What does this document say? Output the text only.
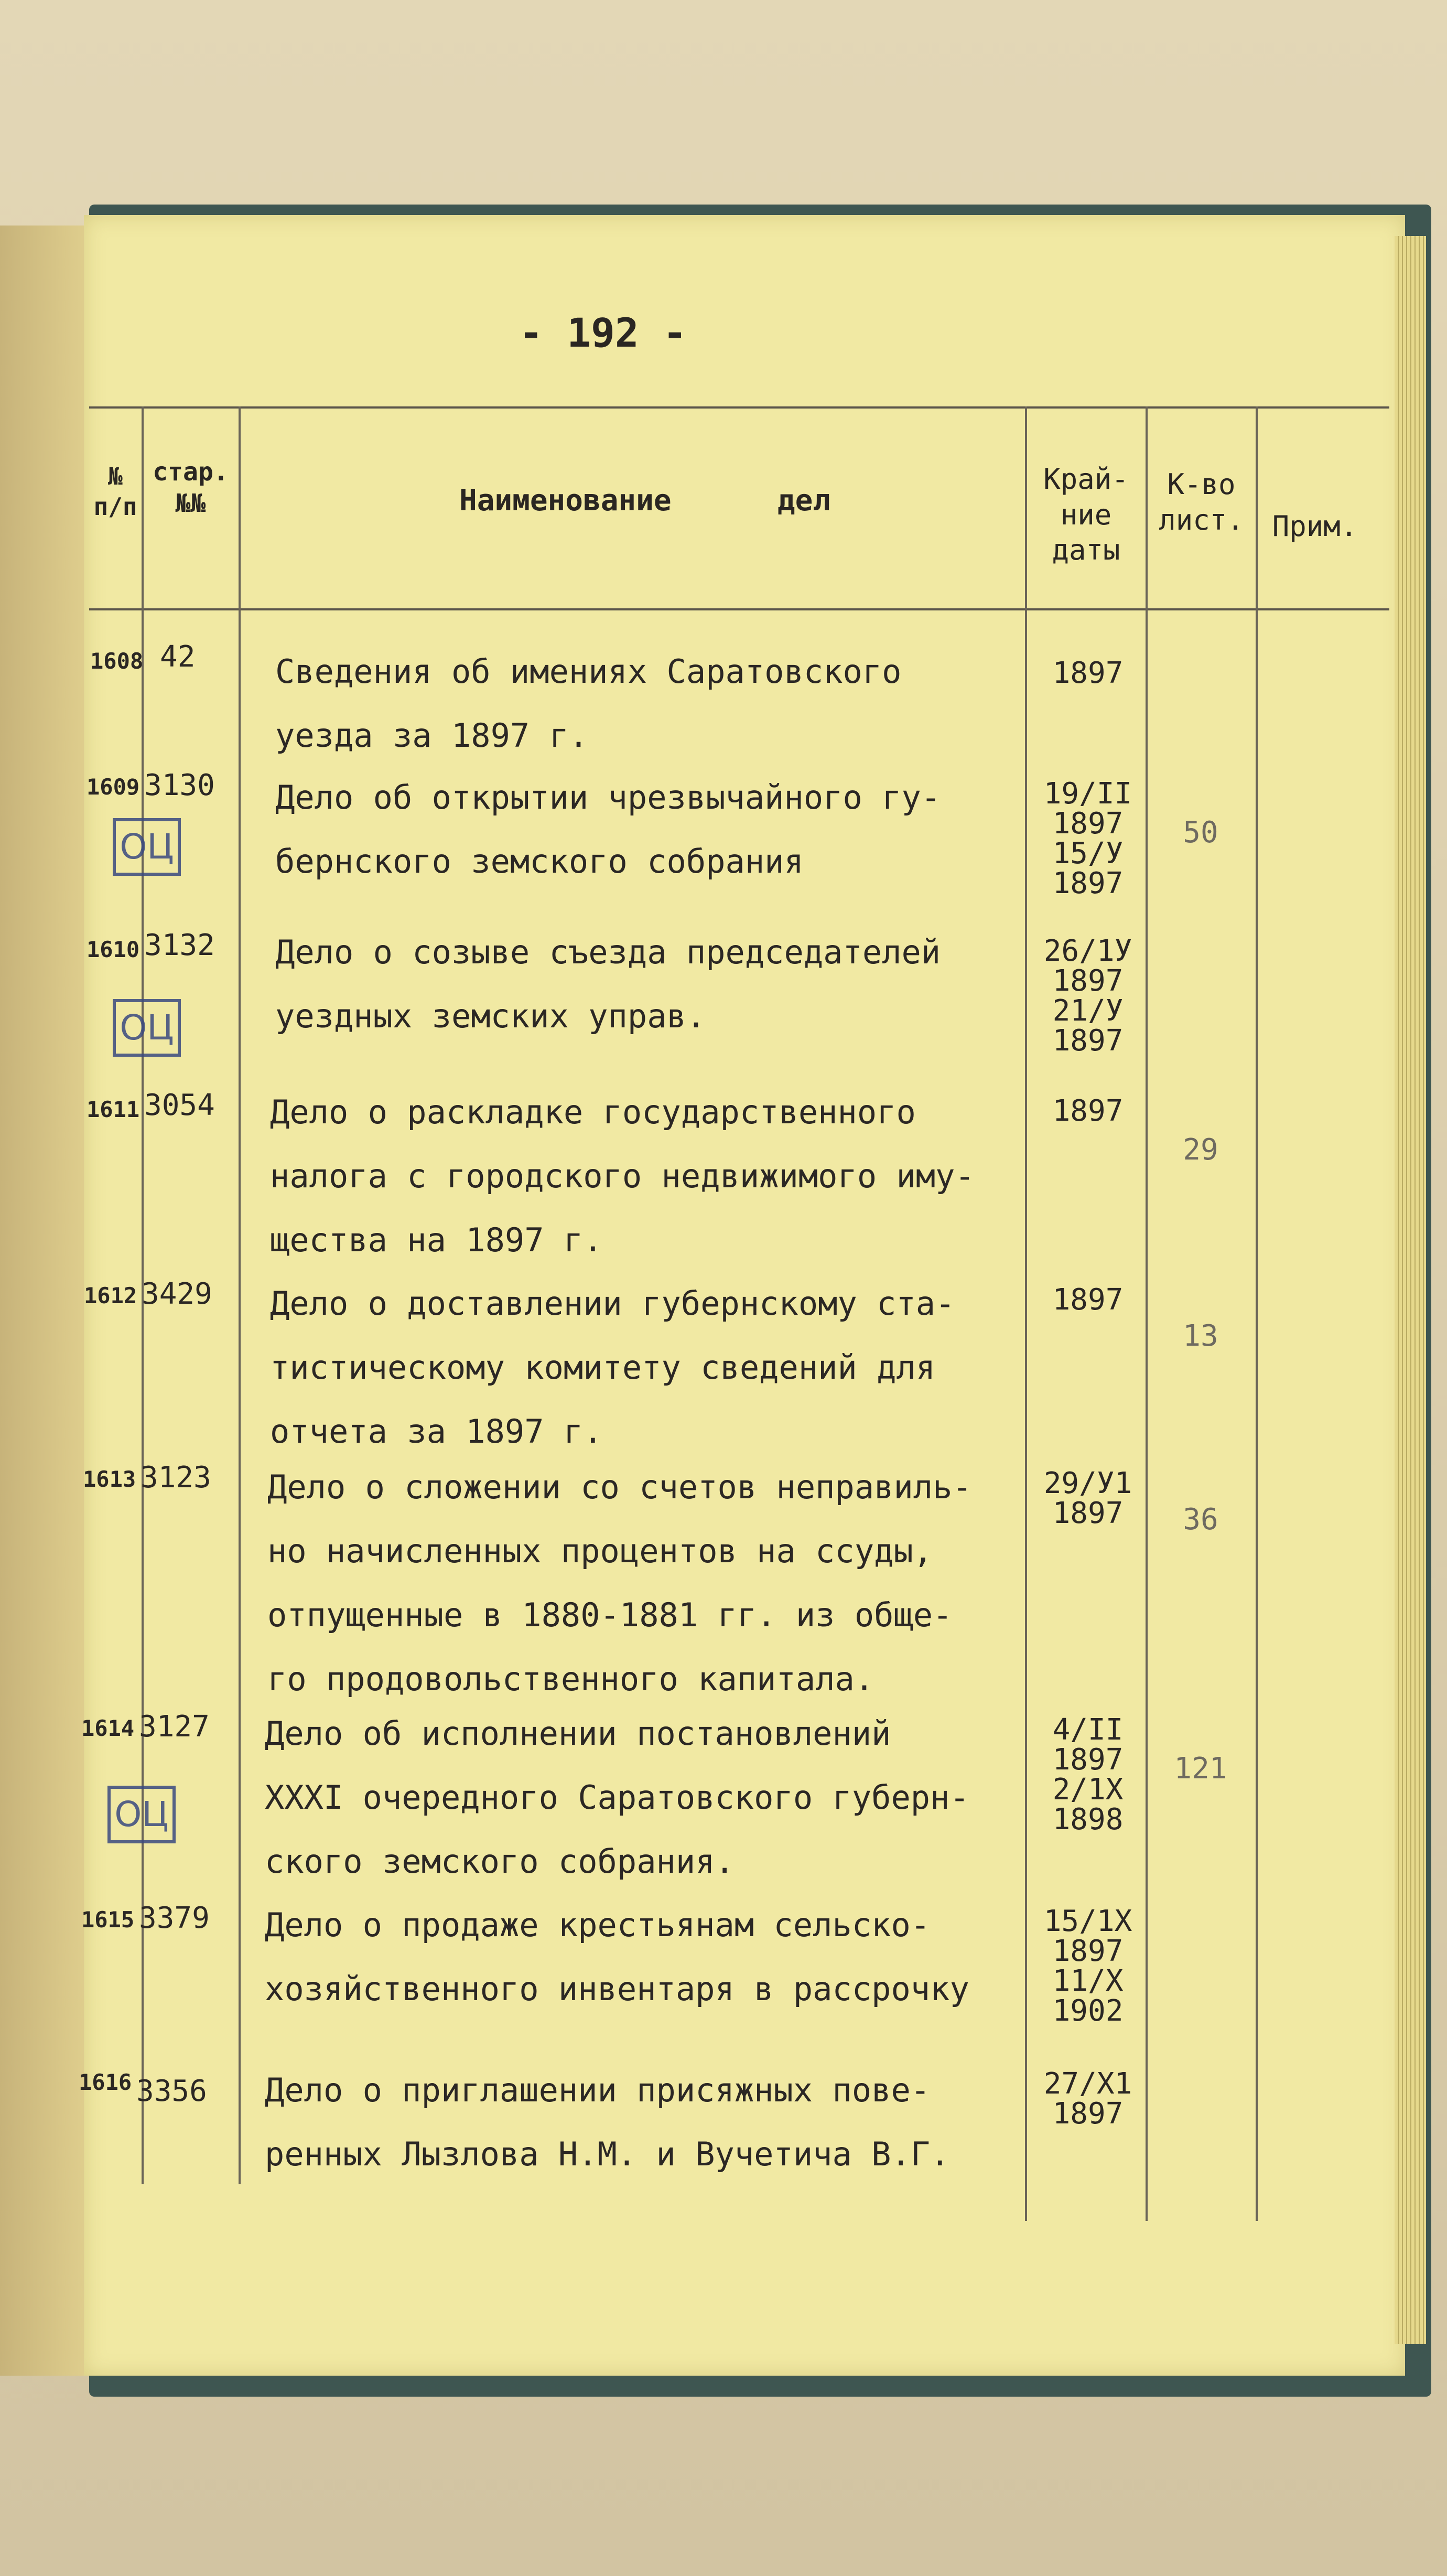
- 192 -
№
п/п
стар.
№№	Наименование      дел
Край-
ние
даты
К-во
лист. Прим.
1608 42 Сведения об имениях Саратовского
уезда за 1897 г.
1897
1609 3130
ОЦ
Дело об открытии чрезвычайного гу-
бернского земского собрания
19/II
1897
15/У
1897
50
1610 3132
ОЦ
Дело о созыве съезда председателей
уездных земских управ.
26/1У
1897
21/У
1897
1611 3054 Дело о раскладке государственного
налога с городского недвижимого иму-
щества на 1897 г.
1897
29
1612 3429 Дело о доставлении губернскому ста-
тистическому комитету сведений для
отчета за 1897 г.
1897
13
1613 3123 Дело о сложении со счетов неправиль-
но начисленных процентов на ссуды,
отпущенные в 1880-1881 гг. из обще-
го продовольственного капитала.
29/У1
1897	36
1614 3127
ОЦ
Дело об исполнении постановлений
XXXI очередного Саратовского губерн-
ского земского собрания.
4/II
1897
2/1Х
1898
121
1615 3379 Дело о продаже крестьянам сельско-
хозяйственного инвентаря в рассрочку
15/1Х
1897
11/Х
1902
1616 3356 Дело о приглашении присяжных пове-
ренных Лызлова Н.М. и Вучетича В.Г.
27/Х1
1897
